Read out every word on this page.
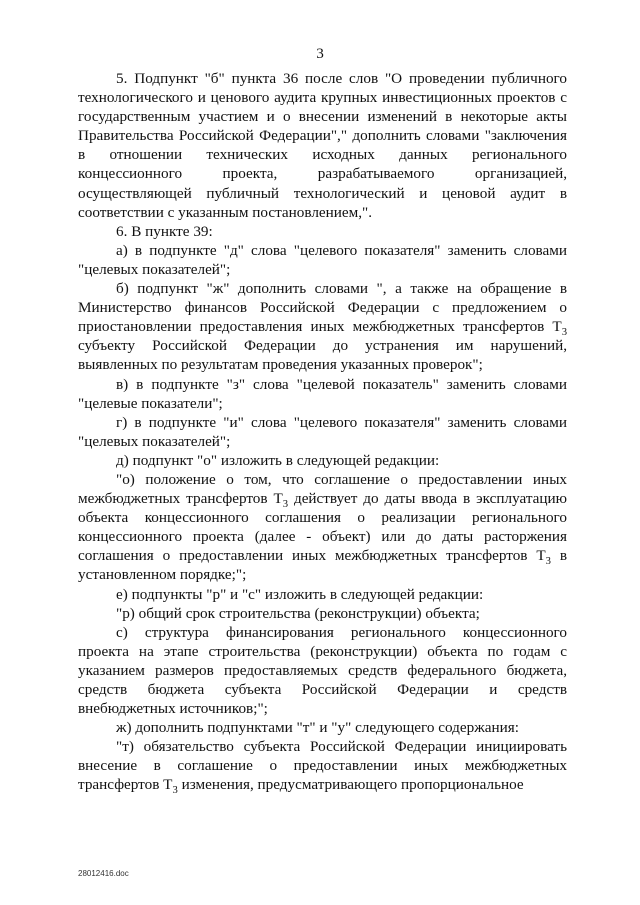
3

5. Подпункт "б" пункта 36 после слов "О проведении публичного технологического и ценового аудита крупных инвестиционных проектов с государственным участием и о внесении изменений в некоторые акты Правительства Российской Федерации"," дополнить словами "заключения в отношении технических исходных данных регионального концессионного проекта, разрабатываемого организацией, осуществляющей публичный технологический и ценовой аудит в соответствии с указанным постановлением,".

6. В пункте 39:

а) в подпункте "д" слова "целевого показателя" заменить словами "целевых показателей";

б) подпункт "ж" дополнить словами ", а также на обращение в Министерство финансов Российской Федерации с предложением о приостановлении предоставления иных межбюджетных трансфертов $Т_3$ субъекту Российской Федерации до устранения им нарушений, выявленных по результатам проведения указанных проверок";

в) в подпункте "з" слова "целевой показатель" заменить словами "целевые показатели";

г) в подпункте "и" слова "целевого показателя" заменить словами "целевых показателей";

д) подпункт "о" изложить в следующей редакции:

"о) положение о том, что соглашение о предоставлении иных межбюджетных трансфертов $Т_3$ действует до даты ввода в эксплуатацию объекта концессионного соглашения о реализации регионального концессионного проекта (далее - объект) или до даты расторжения соглашения о предоставлении иных межбюджетных трансфертов $Т_3$ в установленном порядке;";

е) подпункты "р" и "с" изложить в следующей редакции:

"р) общий срок строительства (реконструкции) объекта;

с) структура финансирования регионального концессионного проекта на этапе строительства (реконструкции) объекта по годам с указанием размеров предоставляемых средств федерального бюджета, средств бюджета субъекта Российской Федерации и средств внебюджетных источников;";

ж) дополнить подпунктами "т" и "у" следующего содержания:

"т) обязательство субъекта Российской Федерации инициировать внесение в соглашение о предоставлении иных межбюджетных трансфертов $Т_3$ изменения, предусматривающего пропорциональное

28012416.doc
